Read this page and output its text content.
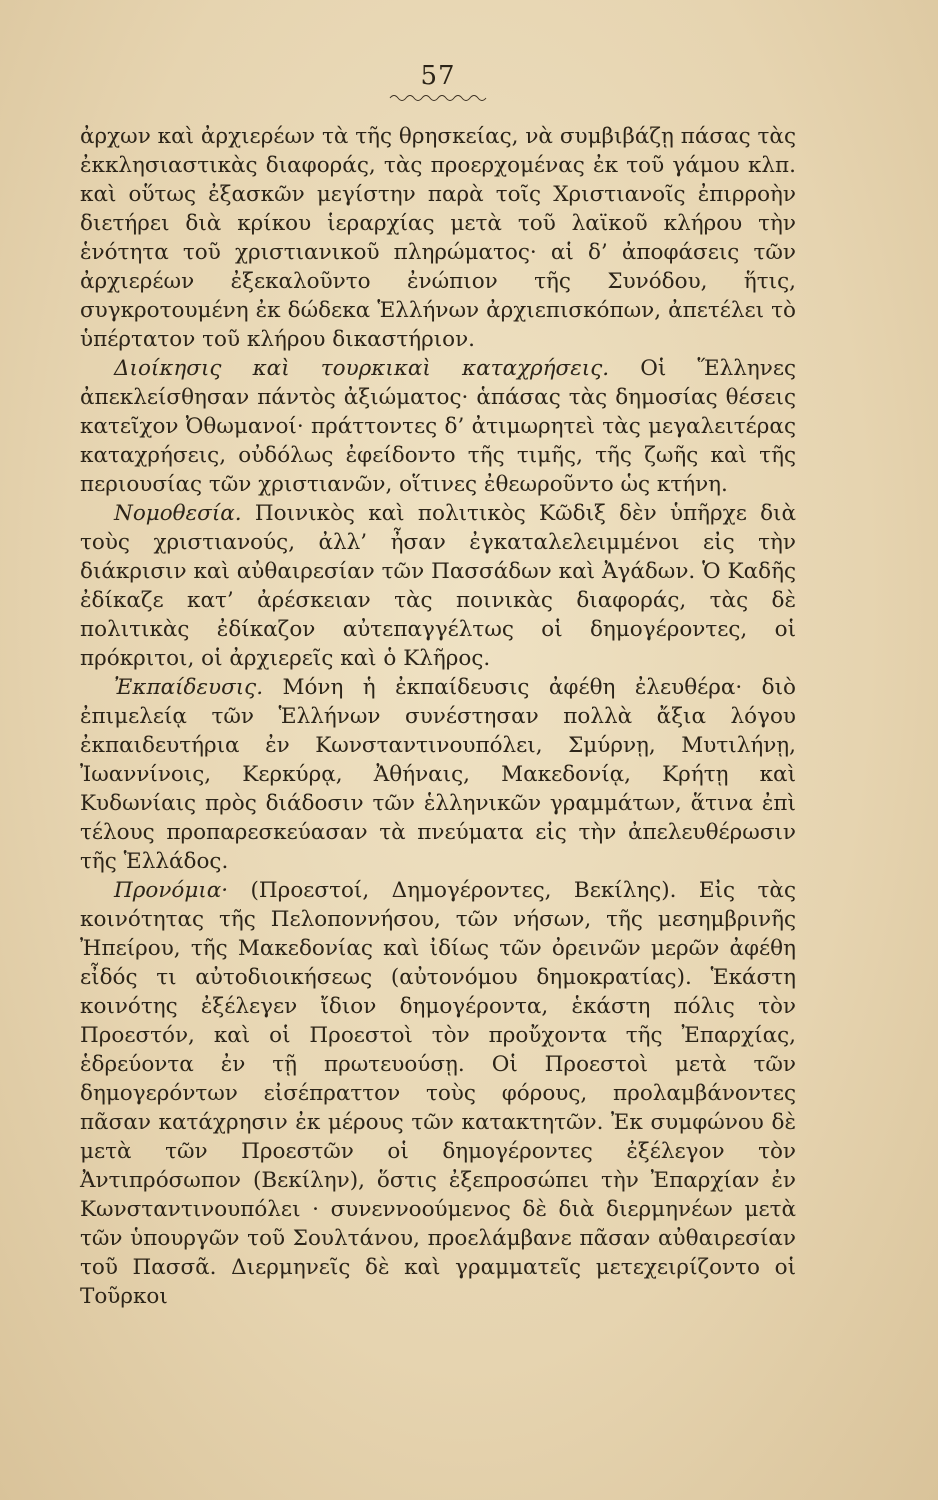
57

ἀρχων καὶ ἀρχιερέων τὰ τῆς θρησκείας, νὰ συμβιβάζῃ πάσας τὰς ἐκκλησιαστικὰς διαφοράς, τὰς προερχομένας ἐκ τοῦ γάμου κλπ. καὶ οὕτως ἐξασκῶν μεγίστην παρὰ τοῖς Χριστιανοῖς ἐπιρροὴν διετήρει διὰ κρίκου ἱεραρχίας μετὰ τοῦ λαϊκοῦ κλήρου τὴν ἑνότητα τοῦ χριστιανικοῦ πληρώματος· αἱ δ’ ἀποφάσεις τῶν ἀρχιερέων ἐξεκαλοῦντο ἐνώπιον τῆς Συνόδου, ἥτις, συγκροτουμένη ἐκ δώδεκα Ἑλλήνων ἀρχιεπισκόπων, ἀπετέλει τὸ ὑπέρτατον τοῦ κλήρου δικαστήριον.

Διοίκησις καὶ τουρκικαὶ καταχρήσεις. Οἱ Ἕλληνες ἀπεκλείσθησαν πάντὸς ἀξιώματος· ἁπάσας τὰς δημοσίας θέσεις κατεῖχον Ὀθωμανοί· πράττοντες δ’ ἀτιμωρητεὶ τὰς μεγαλειτέρας καταχρήσεις, οὐδόλως ἐφείδοντο τῆς τιμῆς, τῆς ζωῆς καὶ τῆς περιουσίας τῶν χριστιανῶν, οἵτινες ἐθεωροῦντο ὡς κτήνη.

Νομοθεσία. Ποινικὸς καὶ πολιτικὸς Κῶδιξ δὲν ὑπῆρχε διὰ τοὺς χριστιανούς, ἀλλ’ ἦσαν ἐγκαταλελειμμένοι εἰς τὴν διάκρισιν καὶ αὐθαιρεσίαν τῶν Πασσάδων καὶ Ἀγάδων. Ὁ Καδῆς ἐδίκαζε κατ’ ἀρέσκειαν τὰς ποινικὰς διαφοράς, τὰς δὲ πολιτικὰς ἐδίκαζον αὐτεπαγγέλτως οἱ δημογέροντες, οἱ πρόκριτοι, οἱ ἀρχιερεῖς καὶ ὁ Κλῆρος.

Ἐκπαίδευσις. Μόνη ἡ ἐκπαίδευσις ἀφέθη ἐλευθέρα· διὸ ἐπιμελείᾳ τῶν Ἑλλήνων συνέστησαν πολλὰ ἄξια λόγου ἐκπαιδευτήρια ἐν Κωνσταντινουπόλει, Σμύρνῃ, Μυτιλήνῃ, Ἰωαννίνοις, Κερκύρᾳ, Ἀθήναις, Μακεδονίᾳ, Κρήτῃ καὶ Κυδωνίαις πρὸς διάδοσιν τῶν ἑλληνικῶν γραμμάτων, ἅτινα ἐπὶ τέλους προπαρεσκεύασαν τὰ πνεύματα εἰς τὴν ἀπελευθέρωσιν τῆς Ἑλλάδος.

Προνόμια· (Προεστοί, Δημογέροντες, Βεκίλης). Εἰς τὰς κοινότητας τῆς Πελοποννήσου, τῶν νήσων, τῆς μεσημβρινῆς Ἠπείρου, τῆς Μακεδονίας καὶ ἰδίως τῶν ὀρεινῶν μερῶν ἀφέθη εἶδός τι αὐτοδιοικήσεως (αὐτονόμου δημοκρατίας). Ἑκάστη κοινότης ἐξέλεγεν ἴδιον δημογέροντα, ἑκάστη πόλις τὸν Προεστόν, καὶ οἱ Προεστοὶ τὸν προὔχοντα τῆς Ἐπαρχίας, ἑδρεύοντα ἐν τῇ πρωτευούσῃ. Οἱ Προεστοὶ μετὰ τῶν δημογερόντων εἰσέπραττον τοὺς φόρους, προλαμβάνοντες πᾶσαν κατάχρησιν ἐκ μέρους τῶν κατακτητῶν. Ἐκ συμφώνου δὲ μετὰ τῶν Προεστῶν οἱ δημογέροντες ἐξέλεγον τὸν Ἀντιπρόσωπον (Βεκίλην), ὅστις ἐξεπροσώπει τὴν Ἐπαρχίαν ἐν Κωνσταντινουπόλει · συνεννοούμενος δὲ διὰ διερμηνέων μετὰ τῶν ὑπουργῶν τοῦ Σουλτάνου, προελάμβανε πᾶσαν αὐθαιρεσίαν τοῦ Πασσᾶ. Διερμηνεῖς δὲ καὶ γραμματεῖς μετεχειρίζοντο οἱ Τοῦρκοι
